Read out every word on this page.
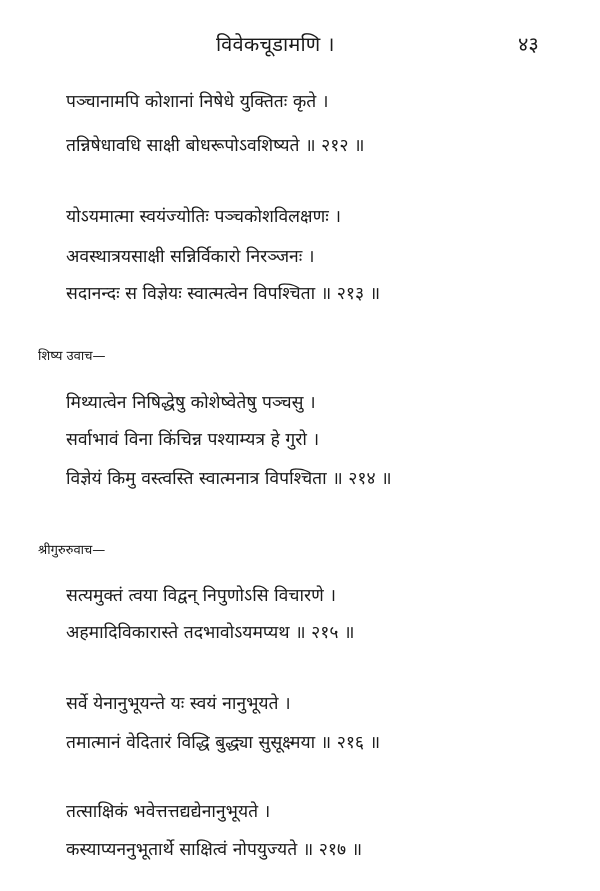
विवेकचूडामणि ।	४३
पञ्चानामपि कोशानां निषेधे युक्तितः कृते ।
तन्निषेधावधि साक्षी बोधरूपोऽवशिष्यते ॥ २१२ ॥
योऽयमात्मा स्वयंज्योतिः पञ्चकोशविलक्षणः ।
अवस्थात्रयसाक्षी सन्निर्विकारो निरञ्जनः ।
सदानन्दः स विज्ञेयः स्वात्मत्वेन विपश्चिता ॥ २१३ ॥
शिष्य उवाच—
मिथ्यात्वेन निषिद्धेषु कोशेष्वेतेषु पञ्चसु ।
सर्वाभावं विना किंचिन्न पश्याम्यत्र हे गुरो ।
विज्ञेयं किमु वस्त्वस्ति स्वात्मनात्र विपश्चिता ॥ २१४ ॥
श्रीगुरुरुवाच—
सत्यमुक्तं त्वया विद्वन् निपुणोऽसि विचारणे ।
अहमादिविकारास्ते तदभावोऽयमप्यथ ॥ २१५ ॥
सर्वे येनानुभूयन्ते यः स्वयं नानुभूयते ।
तमात्मानं वेदितारं विद्धि बुद्ध्या सुसूक्ष्मया ॥ २१६ ॥
तत्साक्षिकं भवेत्तत्तद्यद्येनानुभूयते ।
कस्याप्यननुभूतार्थे साक्षित्वं नोपयुज्यते ॥ २१७ ॥
